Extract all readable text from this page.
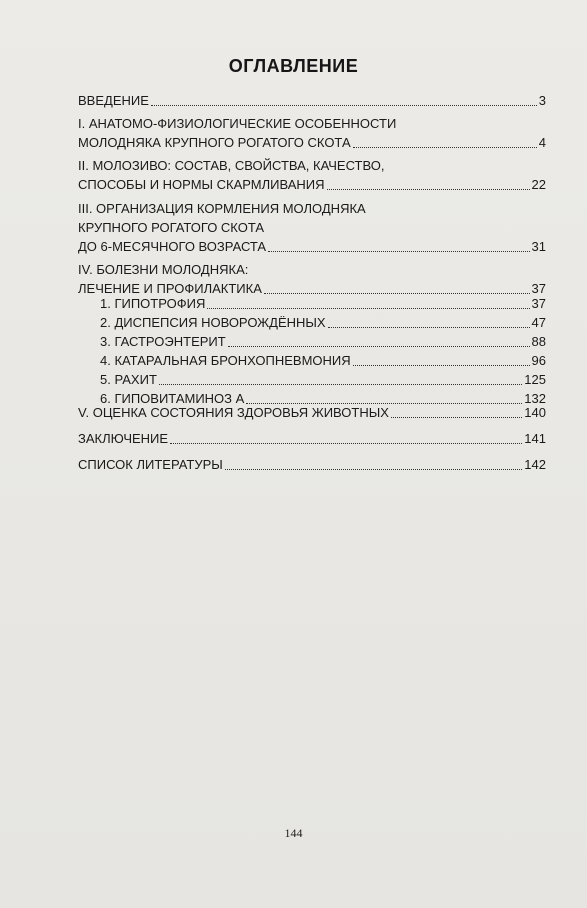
ОГЛАВЛЕНИЕ
ВВЕДЕНИЕ	3
I. АНАТОМО-ФИЗИОЛОГИЧЕСКИЕ ОСОБЕННОСТИ
МОЛОДНЯКА КРУПНОГО РОГАТОГО СКОТА	4
II. МОЛОЗИВО: СОСТАВ, СВОЙСТВА, КАЧЕСТВО,
СПОСОБЫ И НОРМЫ СКАРМЛИВАНИЯ	22
III. ОРГАНИЗАЦИЯ КОРМЛЕНИЯ МОЛОДНЯКА
КРУПНОГО РОГАТОГО СКОТА
ДО 6-МЕСЯЧНОГО ВОЗРАСТА	31
IV. БОЛЕЗНИ МОЛОДНЯКА:
ЛЕЧЕНИЕ И ПРОФИЛАКТИКА	37
1. ГИПОТРОФИЯ	37
2. ДИСПЕПСИЯ НОВОРОЖДЁННЫХ	47
3. ГАСТРОЭНТЕРИТ	88
4. КАТАРАЛЬНАЯ БРОНХОПНЕВМОНИЯ	96
5. РАХИТ	125
6. ГИПОВИТАМИНОЗ А	132
V. ОЦЕНКА СОСТОЯНИЯ ЗДОРОВЬЯ ЖИВОТНЫХ	140
ЗАКЛЮЧЕНИЕ	141
СПИСОК ЛИТЕРАТУРЫ	142
144
